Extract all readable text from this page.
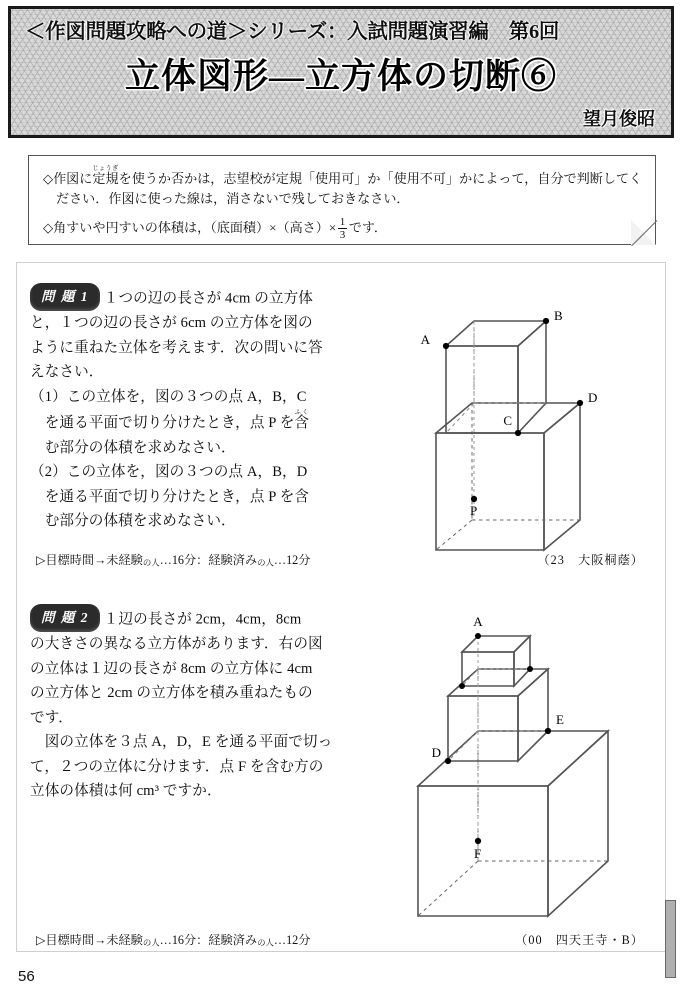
＜作図問題攻略への道＞シリーズ：入試問題演習編　第6回
立体図形―立方体の切断⑥
望月俊昭
◇作図に定規じょうぎを使うか否かは，志望校が定規「使用可」か「使用不可」かによって，自分で判断してく
ださい．作図に使った線は，消さないで残しておきなさい．
◇角すいや円すいの体積は，（底面積）×（高さ）× $\frac{1}{3}$ です．

問 題 1 １つの辺の長さが 4cm の立方体

と，１つの辺の長さが 6cm の立方体を図の

ように重ねた立体を考えます．次の問いに答

えなさい．

（1） この立体を，図の３つの点 A，B，C

　を通る平面で切り分けたとき，点 P を含ふく

　む部分の体積を求めなさい．

（2） この立体を，図の３つの点 A，B，D

　を通る平面で切り分けたとき，点 P を含

　む部分の体積を求めなさい．

▷目標時間→未経験の人…16分：経験済みの人…12分	（23　大阪桐蔭）

問 題 2 １辺の長さが 2cm，4cm，8cm

の大きさの異なる立方体があります．右の図

の立体は１辺の長さが 8cm の立方体に 4cm

の立方体と 2cm の立方体を積み重ねたもの

です．

　図の立体を３点 A，D，E を通る平面で切っ

て，２つの立体に分けます．点 F を含む方の

立体の体積は何 cm³ ですか．

▷目標時間→未経験の人…16分：経験済みの人…12分	（00　四天王寺・B）
A
B
C
D
P
A
D
E
F
56
